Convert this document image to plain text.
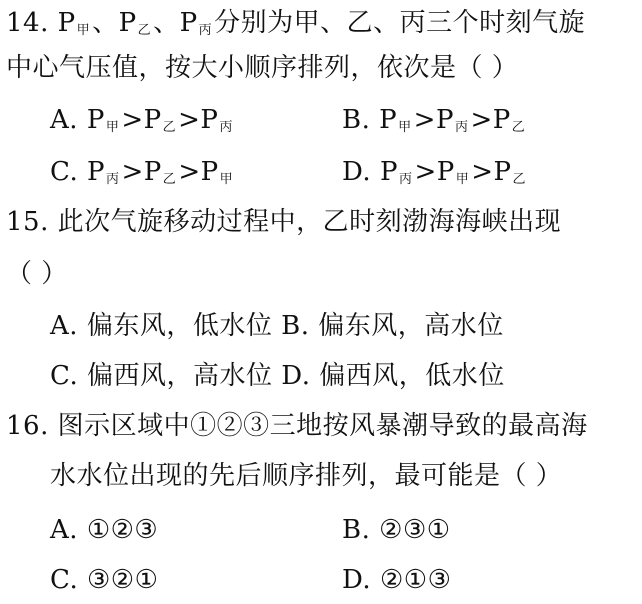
14. $P_甲$、$P_乙$、$P_丙$分别为甲、乙、丙三个时刻气旋
中心气压值，按大小顺序排列，依次是（ ）
A. $P_甲>P_乙>P_丙$	B. $P_甲>P_丙>P_乙$
C. $P_丙>P_乙>P_甲$	D. $P_丙>P_甲>P_乙$
15. 此次气旋移动过程中，乙时刻渤海海峡出现
（ ）
A. 偏东风，低水位 B. 偏东风，高水位
C. 偏西风，高水位 D. 偏西风，低水位
16. 图示区域中①②③三地按风暴潮导致的最高海
水水位出现的先后顺序排列，最可能是（ ）
A. ①②③	B. ②③①
C. ③②①	D. ②①③
